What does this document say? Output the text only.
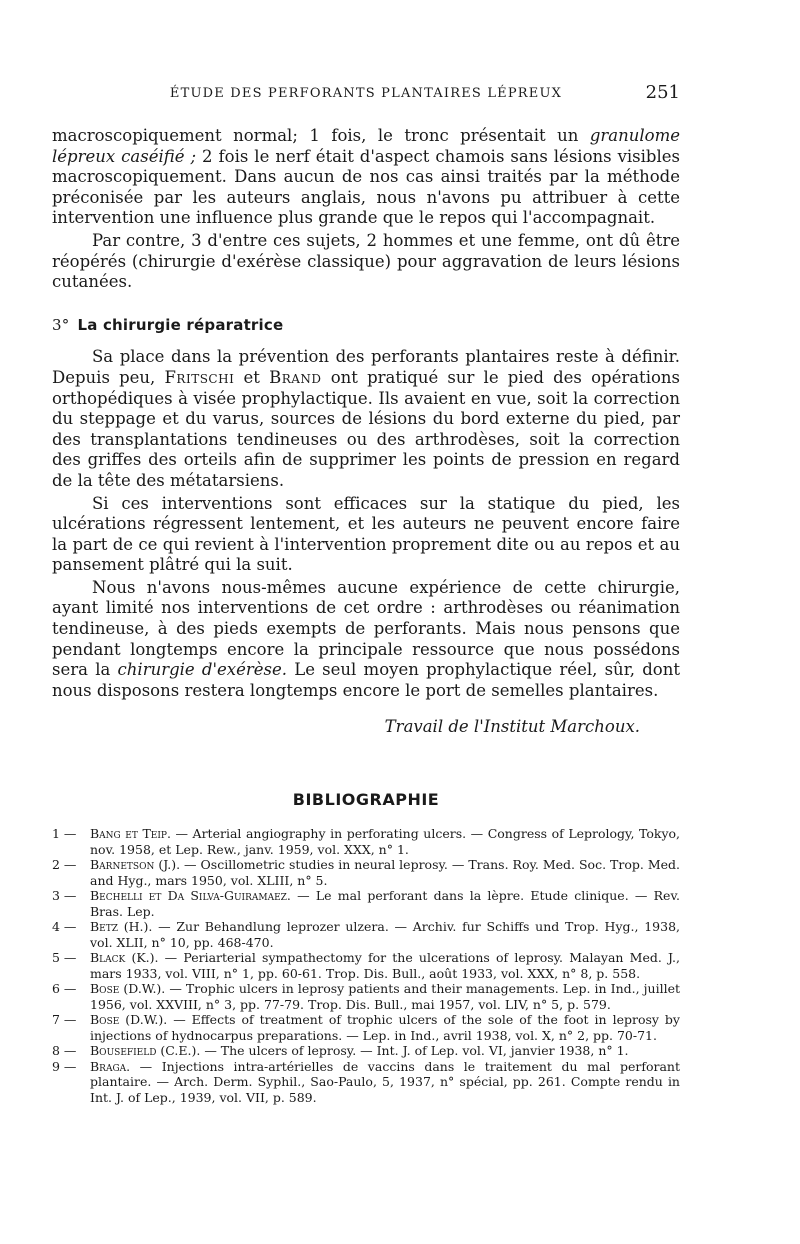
ÉTUDE DES PERFORANTS PLANTAIRES LÉPREUX	251

macroscopiquement normal; 1 fois, le tronc présentait un granulome lépreux caséifié ; 2 fois le nerf était d'aspect chamois sans lésions visibles macroscopiquement. Dans aucun de nos cas ainsi traités par la méthode préconisée par les auteurs anglais, nous n'avons pu attribuer à cette intervention une influence plus grande que le repos qui l'accompagnait.

Par contre, 3 d'entre ces sujets, 2 hommes et une femme, ont dû être réopérés (chirurgie d'exérèse classique) pour aggravation de leurs lésions cutanées.

3° La chirurgie réparatrice

Sa place dans la prévention des perforants plantaires reste à définir. Depuis peu, Fritschi et Brand ont pratiqué sur le pied des opérations orthopédiques à visée prophylactique. Ils avaient en vue, soit la correction du steppage et du varus, sources de lésions du bord externe du pied, par des transplantations tendineuses ou des arthrodèses, soit la correction des griffes des orteils afin de supprimer les points de pression en regard de la tête des métatarsiens.

Si ces interventions sont efficaces sur la statique du pied, les ulcérations régressent lentement, et les auteurs ne peuvent encore faire la part de ce qui revient à l'intervention proprement dite ou au repos et au pansement plâtré qui la suit.

Nous n'avons nous-mêmes aucune expérience de cette chirurgie, ayant limité nos interventions de cet ordre : arthrodèses ou réanimation tendineuse, à des pieds exempts de perforants. Mais nous pensons que pendant longtemps encore la principale ressource que nous possédons sera la chirurgie d'exérèse. Le seul moyen prophylactique réel, sûr, dont nous disposons restera longtemps encore le port de semelles plantaires.

Travail de l'Institut Marchoux.
BIBLIOGRAPHIE
1 —	Bang et Teip. — Arterial angiography in perforating ulcers. — Congress of Leprology, Tokyo, nov. 1958, et Lep. Rew., janv. 1959, vol. XXX, n° 1.
2 —	Barnetson (J.). — Oscillometric studies in neural leprosy. — Trans. Roy. Med. Soc. Trop. Med. and Hyg., mars 1950, vol. XLIII, n° 5.
3 —	Bechelli et Da Silva-Guiramaez. — Le mal perforant dans la lèpre. Etude clinique. — Rev. Bras. Lep.
4 —	Betz (H.). — Zur Behandlung leprozer ulzera. — Archiv. fur Schiffs und Trop. Hyg., 1938, vol. XLII, n° 10, pp. 468-470.
5 —	Black (K.). — Periarterial sympathectomy for the ulcerations of leprosy. Malayan Med. J., mars 1933, vol. VIII, n° 1, pp. 60-61. Trop. Dis. Bull., août 1933, vol. XXX, n° 8, p. 558.
6 —	Bose (D.W.). — Trophic ulcers in leprosy patients and their managements. Lep. in Ind., juillet 1956, vol. XXVIII, n° 3, pp. 77-79. Trop. Dis. Bull., mai 1957, vol. LIV, n° 5, p. 579.
7 —	Bose (D.W.). — Effects of treatment of trophic ulcers of the sole of the foot in leprosy by injections of hydnocarpus preparations. — Lep. in Ind., avril 1938, vol. X, n° 2, pp. 70-71.
8 —	Bousefield (C.E.). — The ulcers of leprosy. — Int. J. of Lep. vol. VI, janvier 1938, n° 1.
9 —	Braga. — Injections intra-artérielles de vaccins dans le traitement du mal perforant plantaire. — Arch. Derm. Syphil., Sao-Paulo, 5, 1937, n° spécial, pp. 261. Compte rendu in Int. J. of Lep., 1939, vol. VII, p. 589.
